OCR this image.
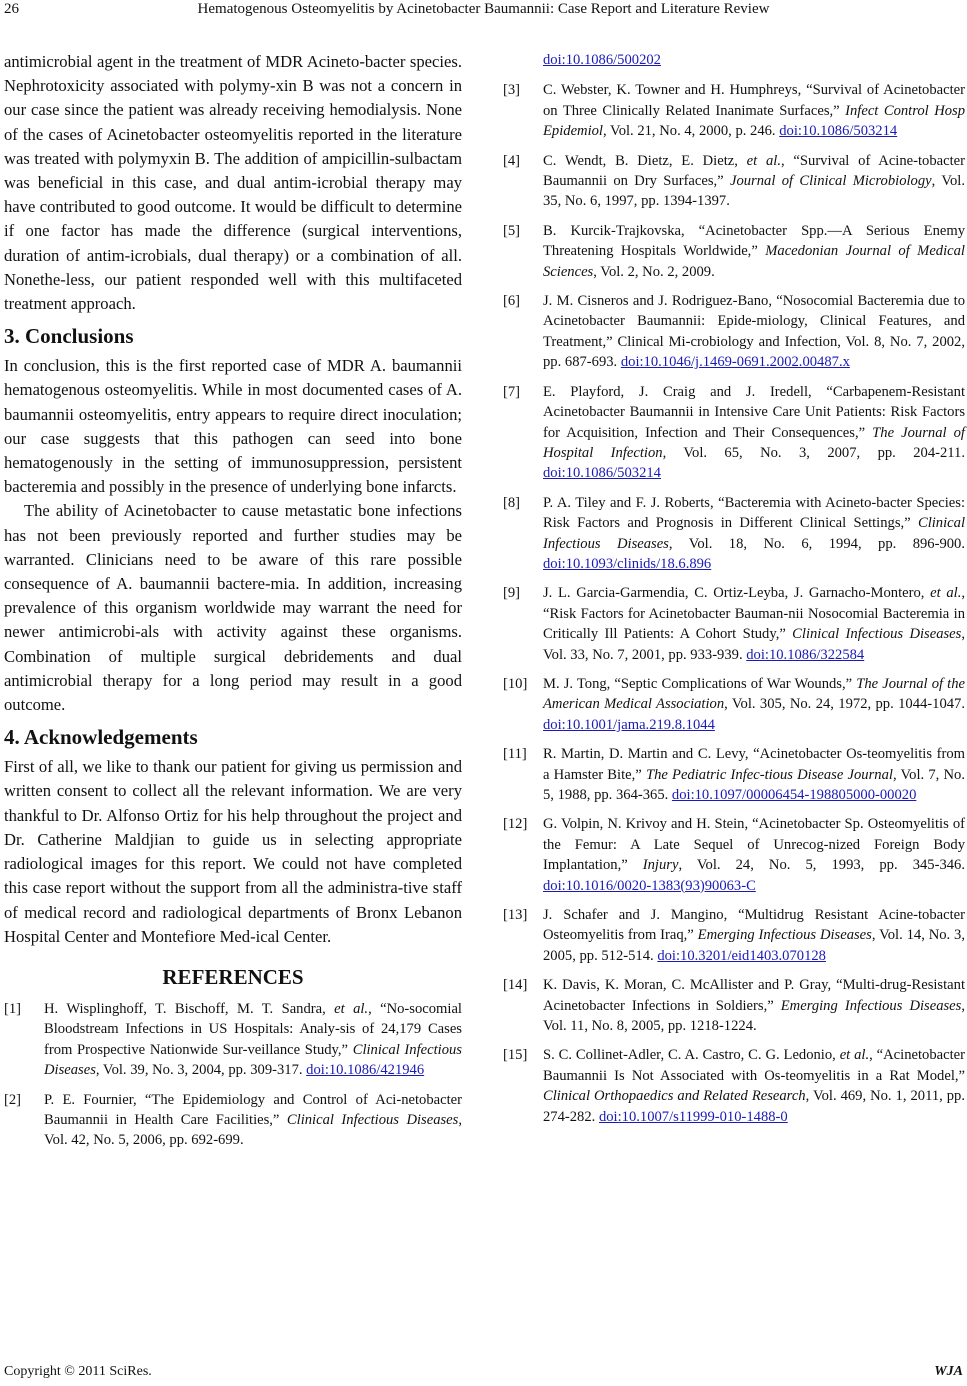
26	Hematogenous Osteomyelitis by Acinetobacter Baumannii: Case Report and Literature Review

antimicrobial agent in the treatment of MDR Acineto-bacter species. Nephrotoxicity associated with polymy-xin B was not a concern in our case since the patient was already receiving hemodialysis. None of the cases of Acinetobacter osteomyelitis reported in the literature was treated with polymyxin B. The addition of ampicillin-sulbactam was beneficial in this case, and dual antim-icrobial therapy may have contributed to good outcome. It would be difficult to determine if one factor has made the difference (surgical interventions, duration of antim-icrobials, dual therapy) or a combination of all. Nonethe-less, our patient responded well with this multifaceted treatment approach.

3. Conclusions

In conclusion, this is the first reported case of MDR A. baumannii hematogenous osteomyelitis. While in most documented cases of A. baumannii osteomyelitis, entry appears to require direct inoculation; our case suggests that this pathogen can seed into bone hematogenously in the setting of immunosuppression, persistent bacteremia and possibly in the presence of underlying bone infarcts.

The ability of Acinetobacter to cause metastatic bone infections has not been previously reported and further studies may be warranted. Clinicians need to be aware of this rare possible consequence of A. baumannii bactere-mia. In addition, increasing prevalence of this organism worldwide may warrant the need for newer antimicrobi-als with activity against these organisms. Combination of multiple surgical debridements and dual antimicrobial therapy for a long period may result in a good outcome.

4. Acknowledgements

First of all, we like to thank our patient for giving us permission and written consent to collect all the relevant information. We are very thankful to Dr. Alfonso Ortiz for his help throughout the project and Dr. Catherine Maldjian to guide us in selecting appropriate radiological images for this report. We could not have completed this case report without the support from all the administra-tive staff of medical record and radiological departments of Bronx Lebanon Hospital Center and Montefiore Med-ical Center.

REFERENCES
[1] H. Wisplinghoff, T. Bischoff, M. T. Sandra, et al., “No-socomial Bloodstream Infections in US Hospitals: Analy-sis of 24,179 Cases from Prospective Nationwide Sur-veillance Study,” Clinical Infectious Diseases, Vol. 39, No. 3, 2004, pp. 309-317. doi:10.1086/421946
[2] P. E. Fournier, “The Epidemiology and Control of Aci-netobacter Baumannii in Health Care Facilities,” Clinical Infectious Diseases, Vol. 42, No. 5, 2006, pp. 692-699.
doi:10.1086/500202
[3] C. Webster, K. Towner and H. Humphreys, “Survival of Acinetobacter on Three Clinically Related Inanimate Surfaces,” Infect Control Hosp Epidemiol, Vol. 21, No. 4, 2000, p. 246. doi:10.1086/503214
[4] C. Wendt, B. Dietz, E. Dietz, et al., “Survival of Acine-tobacter Baumannii on Dry Surfaces,” Journal of Clinical Microbiology, Vol. 35, No. 6, 1997, pp. 1394-1397.
[5] B. Kurcik-Trajkovska, “Acinetobacter Spp.—A Serious Enemy Threatening Hospitals Worldwide,” Macedonian Journal of Medical Sciences, Vol. 2, No. 2, 2009.
[6] J. M. Cisneros and J. Rodriguez-Bano, “Nosocomial Bacteremia due to Acinetobacter Baumannii: Epide-miology, Clinical Features, and Treatment,” Clinical Mi-crobiology and Infection, Vol. 8, No. 7, 2002, pp. 687-693. doi:10.1046/j.1469-0691.2002.00487.x
[7] E. Playford, J. Craig and J. Iredell, “Carbapenem-Resistant Acinetobacter Baumannii in Intensive Care Unit Patients: Risk Factors for Acquisition, Infection and Their Consequences,” The Journal of Hospital Infection, Vol. 65, No. 3, 2007, pp. 204-211. doi:10.1086/503214
[8] P. A. Tiley and F. J. Roberts, “Bacteremia with Acineto-bacter Species: Risk Factors and Prognosis in Different Clinical Settings,” Clinical Infectious Diseases, Vol. 18, No. 6, 1994, pp. 896-900. doi:10.1093/clinids/18.6.896
[9] J. L. Garcia-Garmendia, C. Ortiz-Leyba, J. Garnacho-Montero, et al., “Risk Factors for Acinetobacter Bauman-nii Nosocomial Bacteremia in Critically Ill Patients: A Cohort Study,” Clinical Infectious Diseases, Vol. 33, No. 7, 2001, pp. 933-939. doi:10.1086/322584
[10] M. J. Tong, “Septic Complications of War Wounds,” The Journal of the American Medical Association, Vol. 305, No. 24, 1972, pp. 1044-1047. doi:10.1001/jama.219.8.1044
[11] R. Martin, D. Martin and C. Levy, “Acinetobacter Os-teomyelitis from a Hamster Bite,” The Pediatric Infec-tious Disease Journal, Vol. 7, No. 5, 1988, pp. 364-365. doi:10.1097/00006454-198805000-00020
[12] G. Volpin, N. Krivoy and H. Stein, “Acinetobacter Sp. Osteomyelitis of the Femur: A Late Sequel of Unrecog-nized Foreign Body Implantation,” Injury, Vol. 24, No. 5, 1993, pp. 345-346. doi:10.1016/0020-1383(93)90063-C
[13] J. Schafer and J. Mangino, “Multidrug Resistant Acine-tobacter Osteomyelitis from Iraq,” Emerging Infectious Diseases, Vol. 14, No. 3, 2005, pp. 512-514. doi:10.3201/eid1403.070128
[14] K. Davis, K. Moran, C. McAllister and P. Gray, “Multi-drug-Resistant Acinetobacter Infections in Soldiers,” Emerging Infectious Diseases, Vol. 11, No. 8, 2005, pp. 1218-1224.
[15] S. C. Collinet-Adler, C. A. Castro, C. G. Ledonio, et al., “Acinetobacter Baumannii Is Not Associated with Os-teomyelitis in a Rat Model,” Clinical Orthopaedics and Related Research, Vol. 469, No. 1, 2011, pp. 274-282. doi:10.1007/s11999-010-1488-0
Copyright © 2011 SciRes.	WJA
